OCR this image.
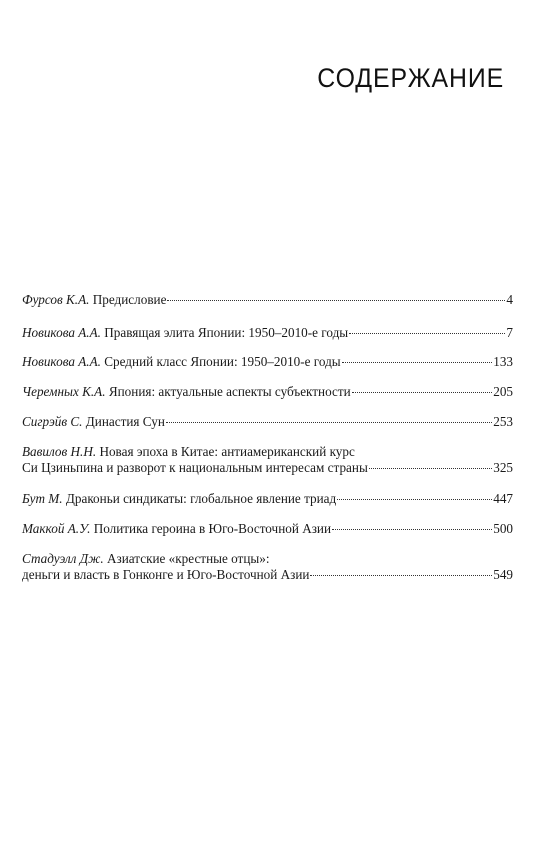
СОДЕРЖАНИЕ
Фурсов К.А.
Предисловие	4
Новикова А.А.
Правящая элита Японии: 1950–2010-е годы	7
Новикова А.А.
Средний класс Японии: 1950–2010-е годы	133
Черемных К.А.
Япония: актуальные аспекты субъектности	205
Сигрэйв С.
Династия Сун	253
Вавилов Н.Н.
Новая эпоха в Китае: антиамериканский курс
Си Цзиньпина и разворот к национальным интересам страны	325
Бут М.
Драконьи синдикаты: глобальное явление триад	447
Маккой А.У.
Политика героина в Юго-Восточной Азии	500
Стадуэлл Дж.
Азиатские «крестные отцы»:
деньги и власть в Гонконге и Юго-Восточной Азии	549
